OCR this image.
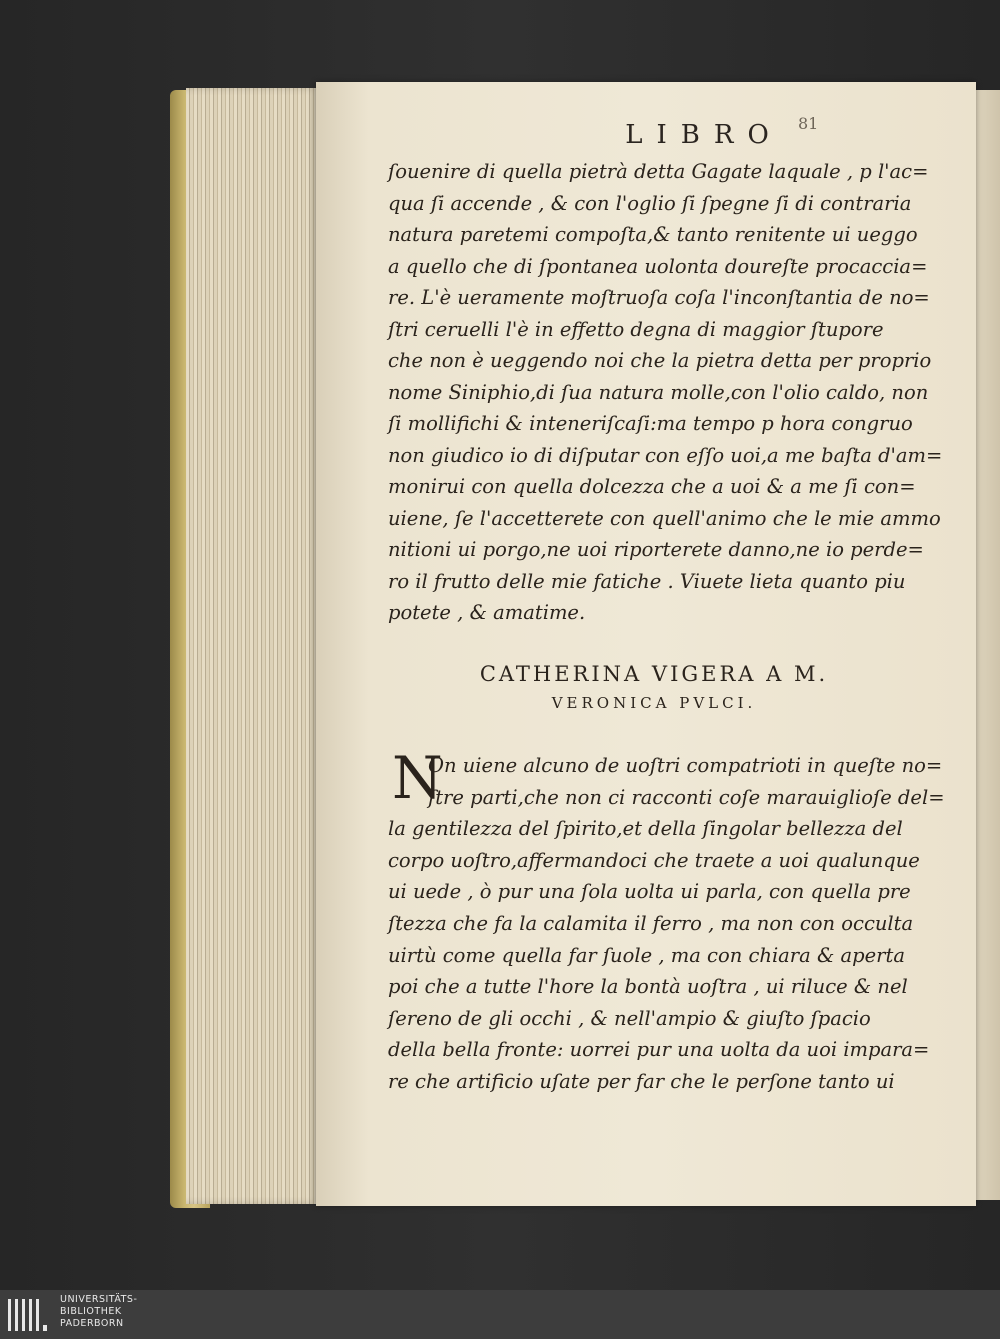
LIBRO 81
ſouenire di quella pietrà detta Gagate laquale , p l'ac=
qua ſi accende , & con l'oglio ſi ſpegne ſi di contraria
natura paretemi compoſta,& tanto renitente ui ueggo
a quello che di ſpontanea uolonta doureſte procaccia=
re. L'è ueramente moſtruoſa coſa l'inconſtantia de no=
ſtri ceruelli l'è in effetto degna di maggior ſtupore
che non è ueggendo noi che la pietra detta per proprio
nome Siniphio,di ſua natura molle,con l'olio caldo, non
ſi mollifichi & inteneriſcaſi:ma tempo p hora congruo
non giudico io di diſputar con eſſo uoi,a me baſta d'am=
monirui con quella dolcezza che a uoi & a me ſi con=
uiene, ſe l'accetterete con quell'animo che le mie ammo
nitioni ui porgo,ne uoi riporterete danno,ne io perde=
ro il frutto delle mie fatiche . Viuete lieta quanto piu
potete , & amatime.
CATHERINA VIGERA A M.
VERONICA PVLCI.
N
On uiene alcuno de uoſtri compatrioti in queſte no=
ſtre parti,che non ci racconti coſe marauiglioſe del=
la gentilezza del ſpirito,et della ſingolar bellezza del
corpo uoſtro,affermandoci che traete a uoi qualunque
ui uede , ò pur una ſola uolta ui parla, con quella pre
ſtezza che fa la calamita il ferro , ma non con occulta
uirtù come quella far ſuole , ma con chiara & aperta
poi che a tutte l'hore la bontà uoſtra , ui riluce & nel
ſereno de gli occhi , & nell'ampio & giuſto ſpacio
della bella fronte: uorrei pur una uolta da uoi impara=
re che artificio uſate per far che le perſone tanto ui
UNIVERSITÄTS-
BIBLIOTHEK
PADERBORN
